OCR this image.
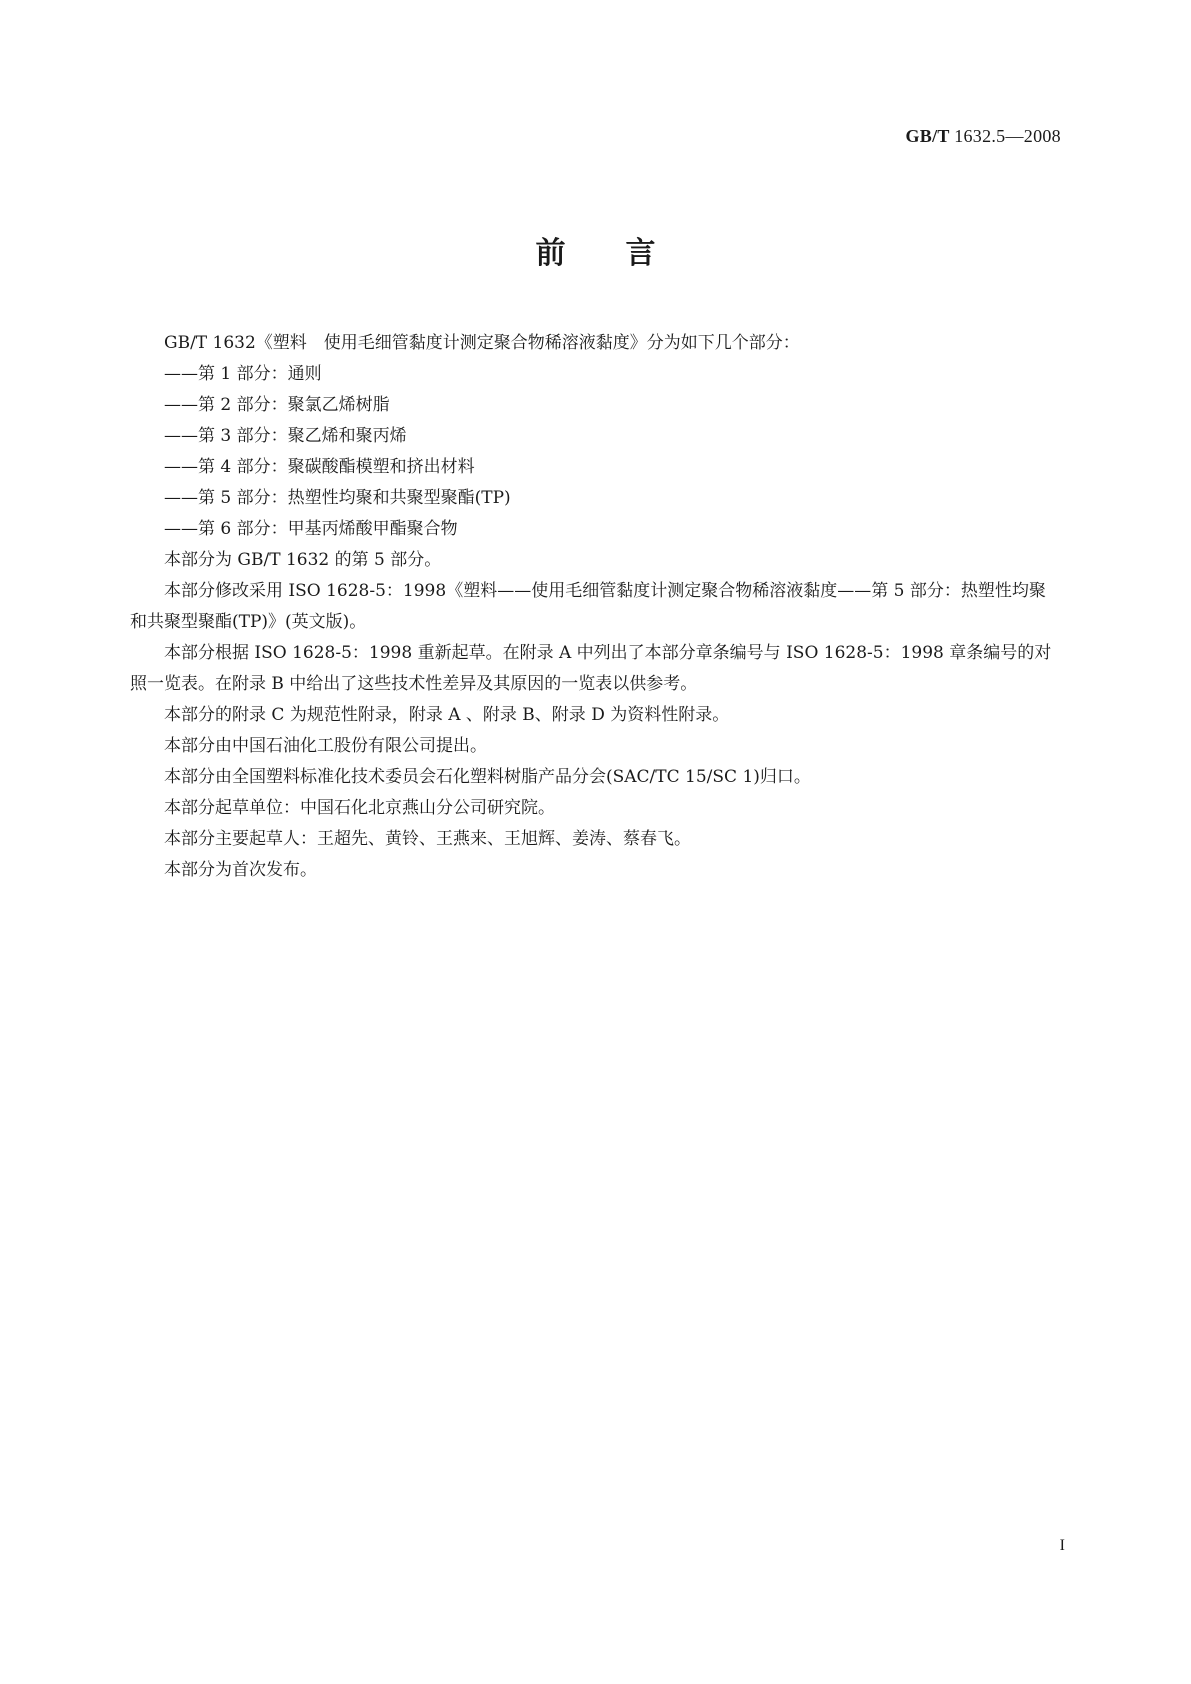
GB/T 1632.5—2008
前言

GB/T 1632《塑料　使用毛细管黏度计测定聚合物稀溶液黏度》分为如下几个部分：

——第 1 部分：通则

——第 2 部分：聚氯乙烯树脂

——第 3 部分：聚乙烯和聚丙烯

——第 4 部分：聚碳酸酯模塑和挤出材料

——第 5 部分：热塑性均聚和共聚型聚酯(TP)

——第 6 部分：甲基丙烯酸甲酯聚合物

本部分为 GB/T 1632 的第 5 部分。

本部分修改采用 ISO 1628-5：1998《塑料——使用毛细管黏度计测定聚合物稀溶液黏度——第 5 部分：热塑性均聚和共聚型聚酯(TP)》(英文版)。

本部分根据 ISO 1628-5：1998 重新起草。在附录 A 中列出了本部分章条编号与 ISO 1628-5：1998 章条编号的对照一览表。在附录 B 中给出了这些技术性差异及其原因的一览表以供参考。

本部分的附录 C 为规范性附录，附录 A 、附录 B、附录 D 为资料性附录。

本部分由中国石油化工股份有限公司提出。

本部分由全国塑料标准化技术委员会石化塑料树脂产品分会(SAC/TC 15/SC 1)归口。

本部分起草单位：中国石化北京燕山分公司研究院。

本部分主要起草人：王超先、黄铃、王燕来、王旭辉、姜涛、蔡春飞。

本部分为首次发布。

I
